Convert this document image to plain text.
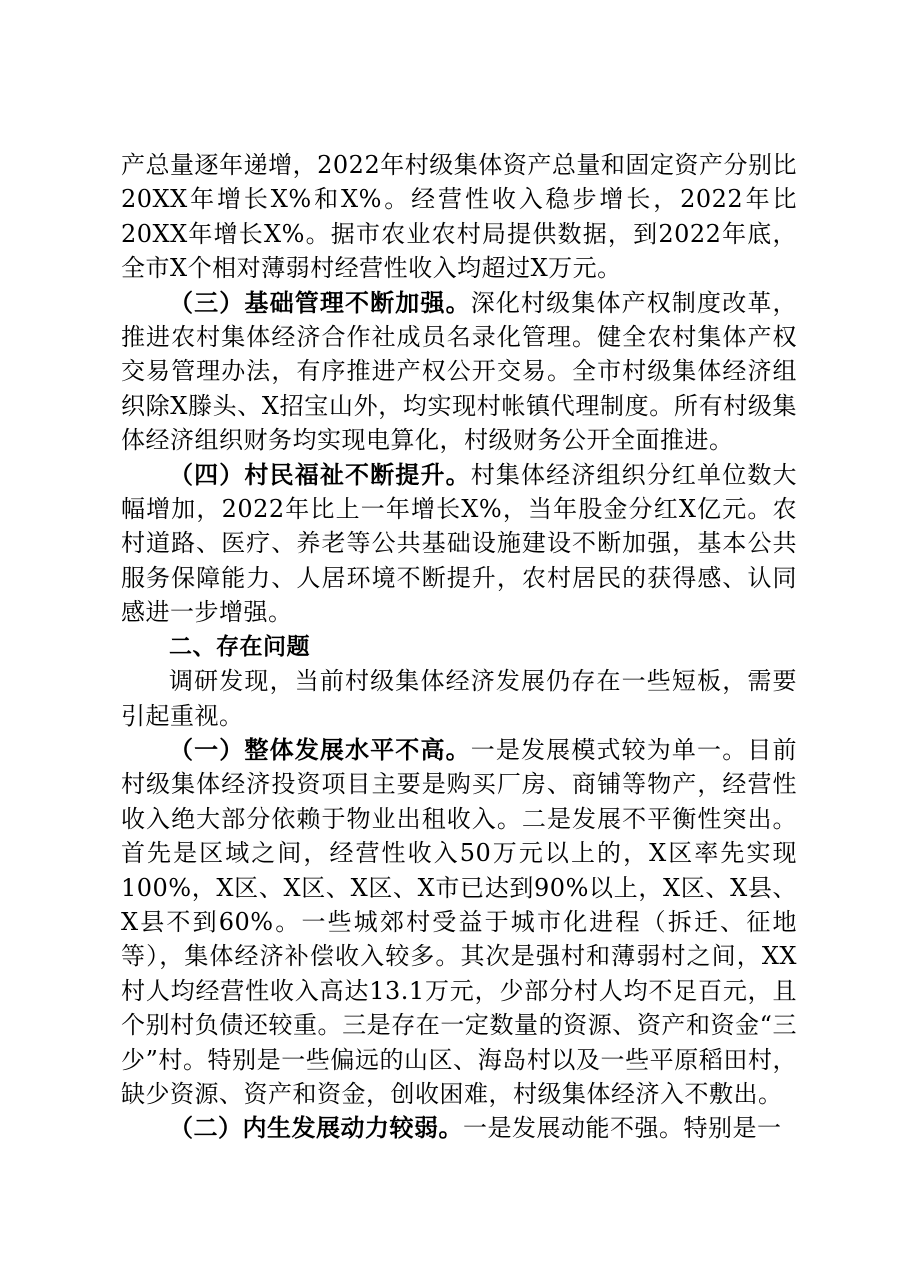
产总量逐年递增，2022年村级集体资产总量和固定资产分别比20XX年增长X%和X%。经营性收入稳步增长，2022年比20XX年增长X%。据市农业农村局提供数据，到2022年底，全市X个相对薄弱村经营性收入均超过X万元。

（三）基础管理不断加强。深化村级集体产权制度改革，推进农村集体经济合作社成员名录化管理。健全农村集体产权交易管理办法，有序推进产权公开交易。全市村级集体经济组织除X滕头、X招宝山外，均实现村帐镇代理制度。所有村级集体经济组织财务均实现电算化，村级财务公开全面推进。

（四）村民福祉不断提升。村集体经济组织分红单位数大幅增加，2022年比上一年增长X%，当年股金分红X亿元。农村道路、医疗、养老等公共基础设施建设不断加强，基本公共服务保障能力、人居环境不断提升，农村居民的获得感、认同感进一步增强。

二、存在问题

调研发现，当前村级集体经济发展仍存在一些短板，需要引起重视。

（一）整体发展水平不高。一是发展模式较为单一。目前村级集体经济投资项目主要是购买厂房、商铺等物产，经营性收入绝大部分依赖于物业出租收入。二是发展不平衡性突出。首先是区域之间，经营性收入50万元以上的，X区率先实现100%，X区、X区、X区、X市已达到90%以上，X区、X县、X县不到60%。一些城郊村受益于城市化进程（拆迁、征地等），集体经济补偿收入较多。其次是强村和薄弱村之间，XX村人均经营性收入高达13.1万元，少部分村人均不足百元，且个别村负债还较重。三是存在一定数量的资源、资产和资金“三少”村。特别是一些偏远的山区、海岛村以及一些平原稻田村，缺少资源、资产和资金，创收困难，村级集体经济入不敷出。

（二）内生发展动力较弱。一是发展动能不强。特别是一
